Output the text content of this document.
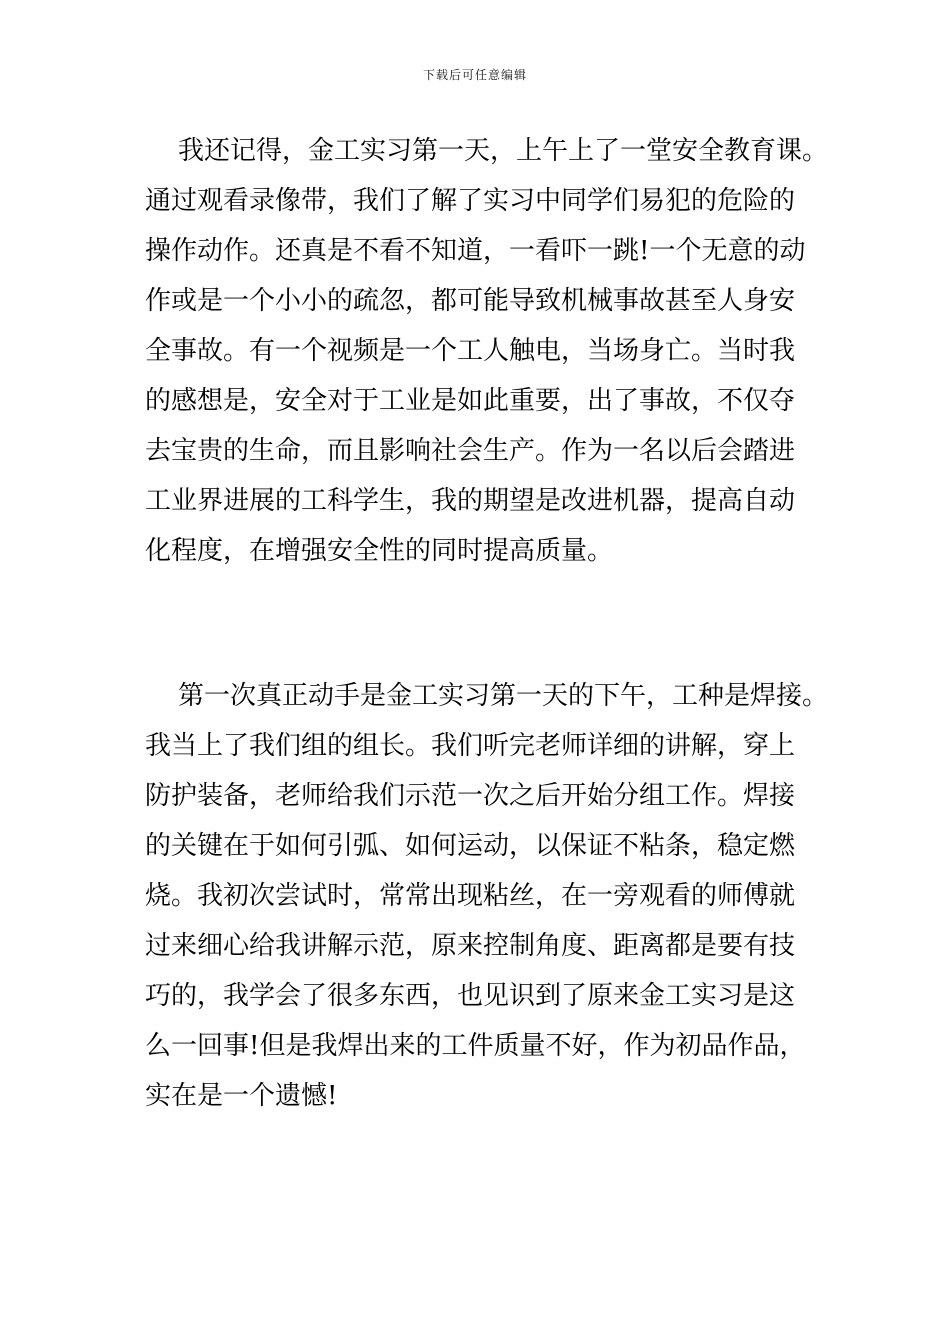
下载后可任意编辑
我还记得，金工实习第一天，上午上了一堂安全教育课。
通过观看录像带，我们了解了实习中同学们易犯的危险的
操作动作。还真是不看不知道，一看吓一跳!一个无意的动
作或是一个小小的疏忽，都可能导致机械事故甚至人身安
全事故。有一个视频是一个工人触电，当场身亡。当时我
的感想是，安全对于工业是如此重要，出了事故，不仅夺
去宝贵的生命，而且影响社会生产。作为一名以后会踏进
工业界进展的工科学生，我的期望是改进机器，提高自动
化程度，在增强安全性的同时提高质量。
第一次真正动手是金工实习第一天的下午，工种是焊接。
我当上了我们组的组长。我们听完老师详细的讲解，穿上
防护装备，老师给我们示范一次之后开始分组工作。焊接
的关键在于如何引弧、如何运动，以保证不粘条，稳定燃
烧。我初次尝试时，常常出现粘丝，在一旁观看的师傅就
过来细心给我讲解示范，原来控制角度、距离都是要有技
巧的，我学会了很多东西，也见识到了原来金工实习是这
么一回事!但是我焊出来的工件质量不好，作为初品作品，
实在是一个遗憾!
